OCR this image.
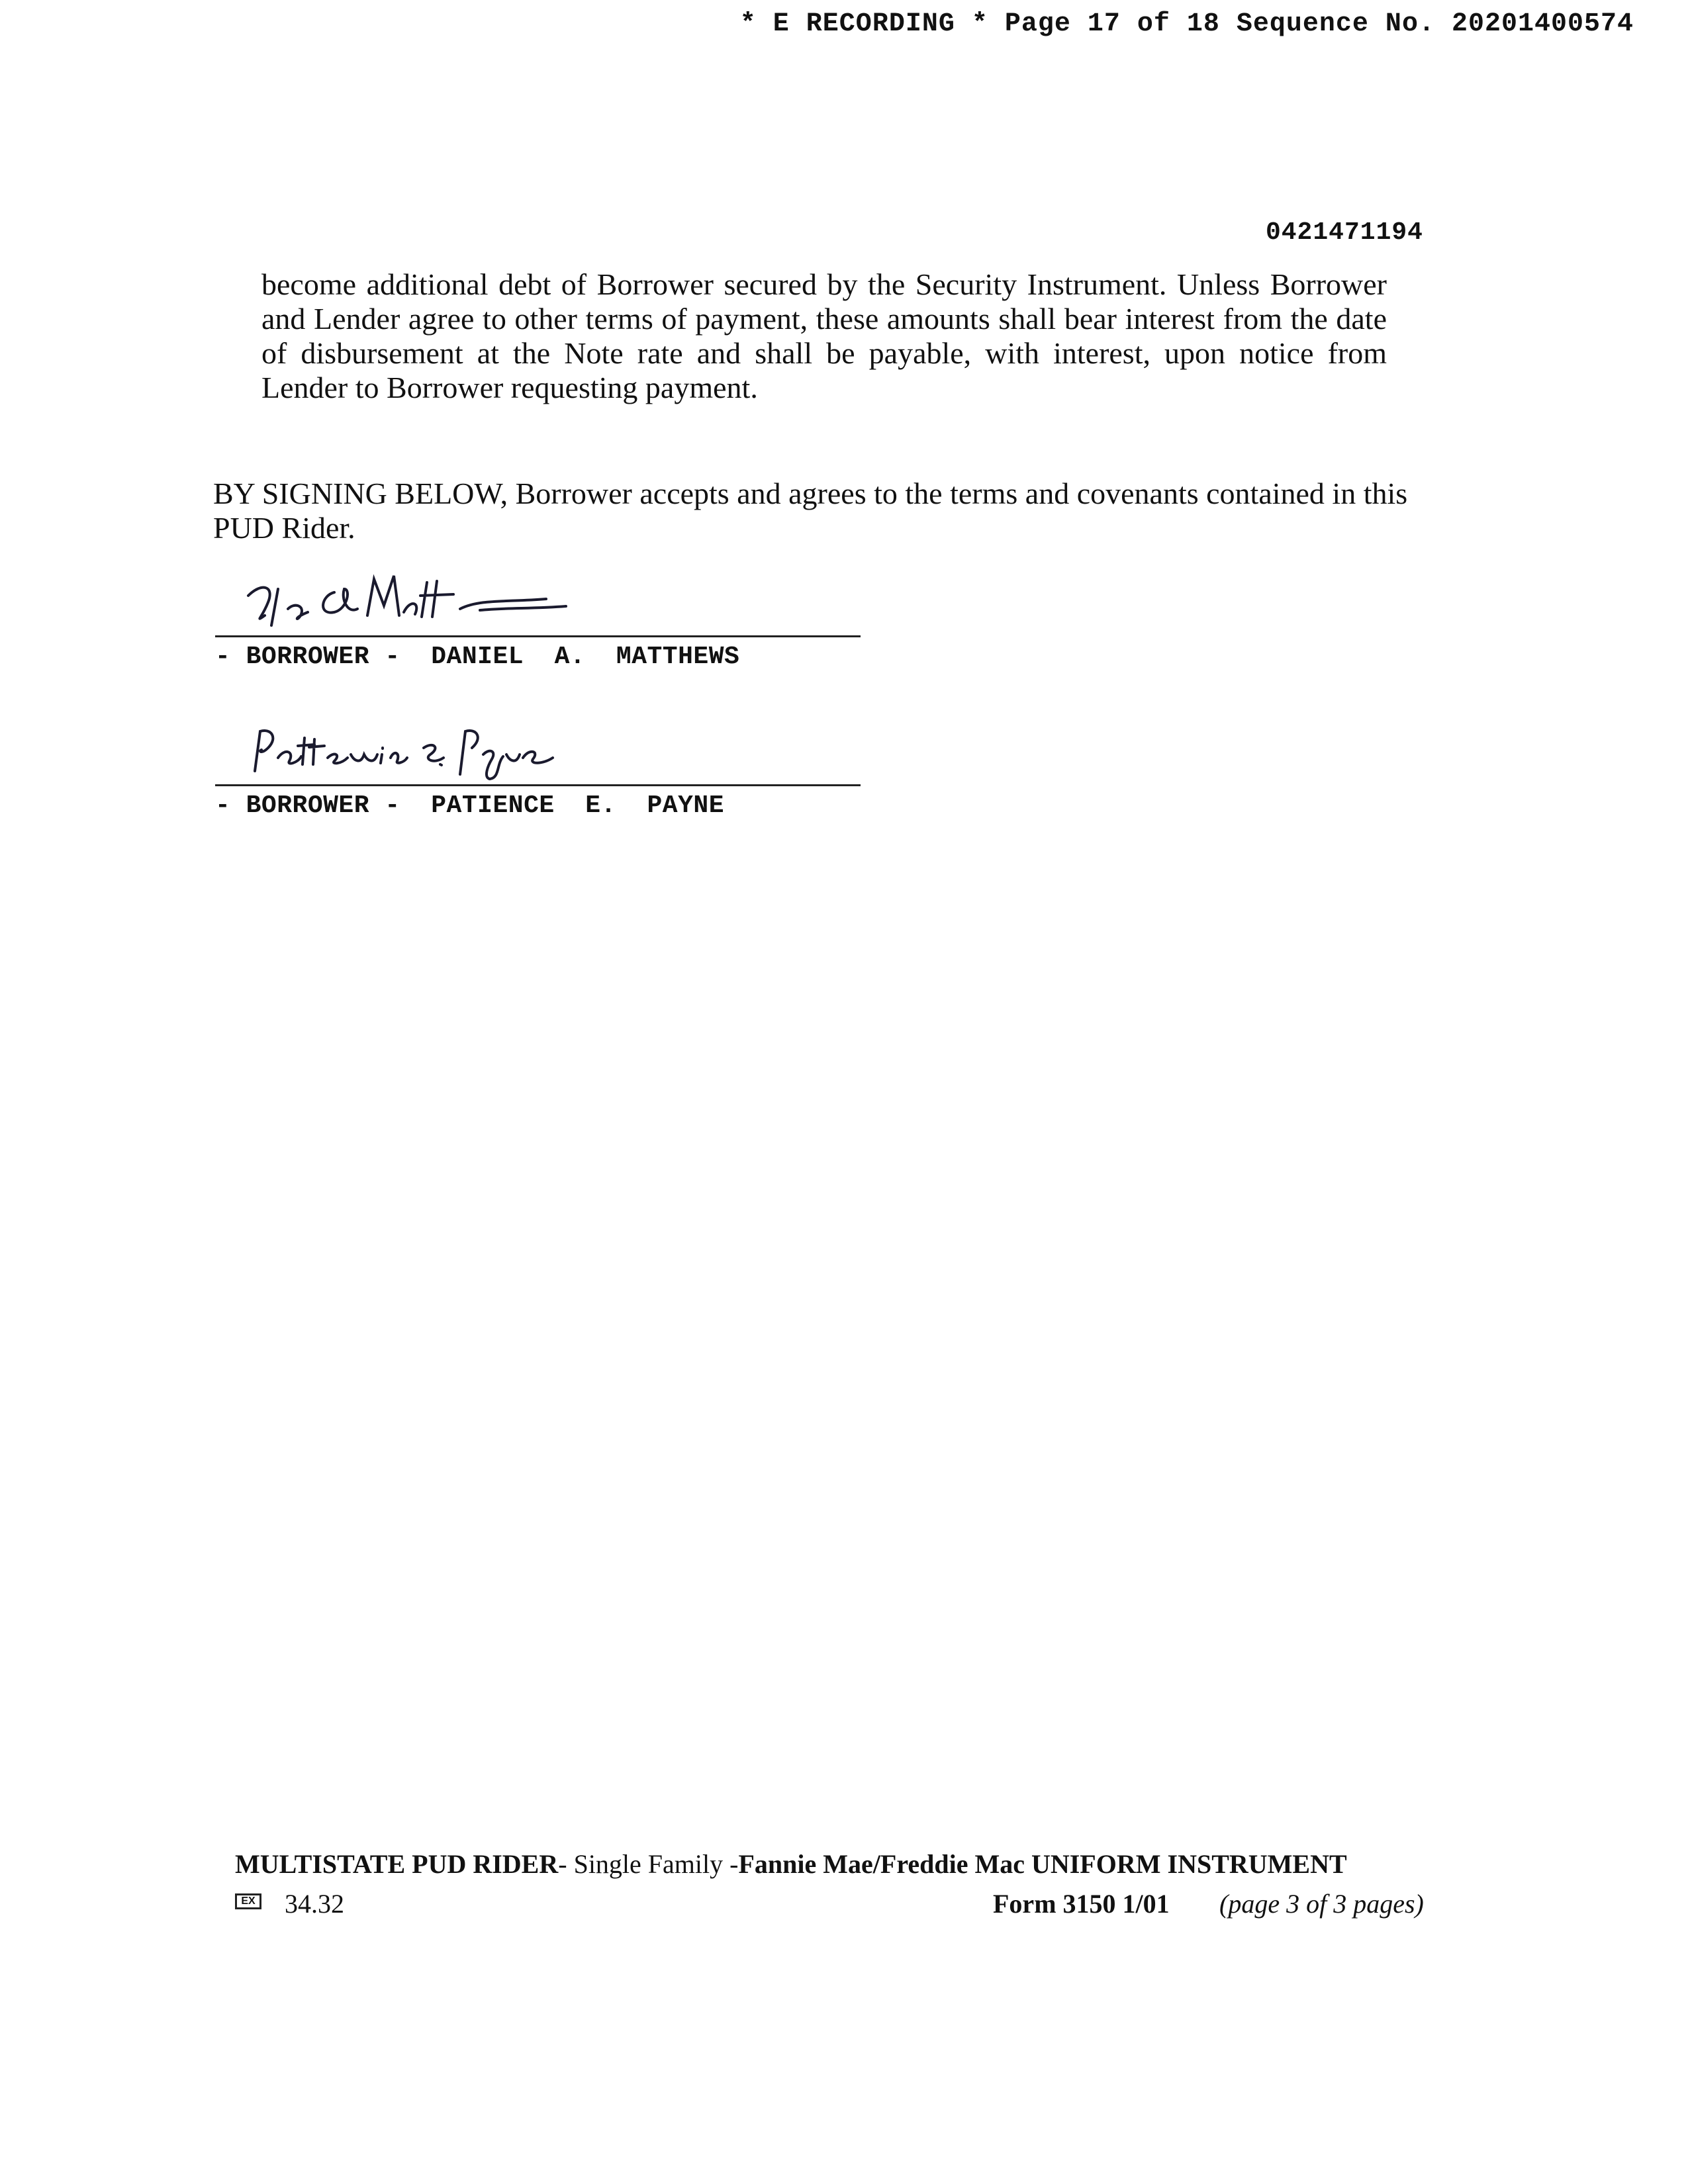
* E RECORDING * Page 17 of 18 Sequence No. 20201400574
0421471194

become additional debt of Borrower secured by the Security Instrument. Unless Borrower and Lender agree to other terms of payment, these amounts shall bear interest from the date of disbursement at the Note rate and shall be payable, with interest, upon notice from Lender to Borrower requesting payment.

BY SIGNING BELOW, Borrower accepts and agrees to the terms and covenants contained in this PUD Rider.

- BORROWER -  DANIEL  A.  MATTHEWS
- BORROWER -  PATIENCE  E.  PAYNE
MULTISTATE PUD RIDER- Single Family -Fannie Mae/Freddie Mac UNIFORM INSTRUMENT
EX 34.32	Form 3150 1/01 (page 3 of 3 pages)
